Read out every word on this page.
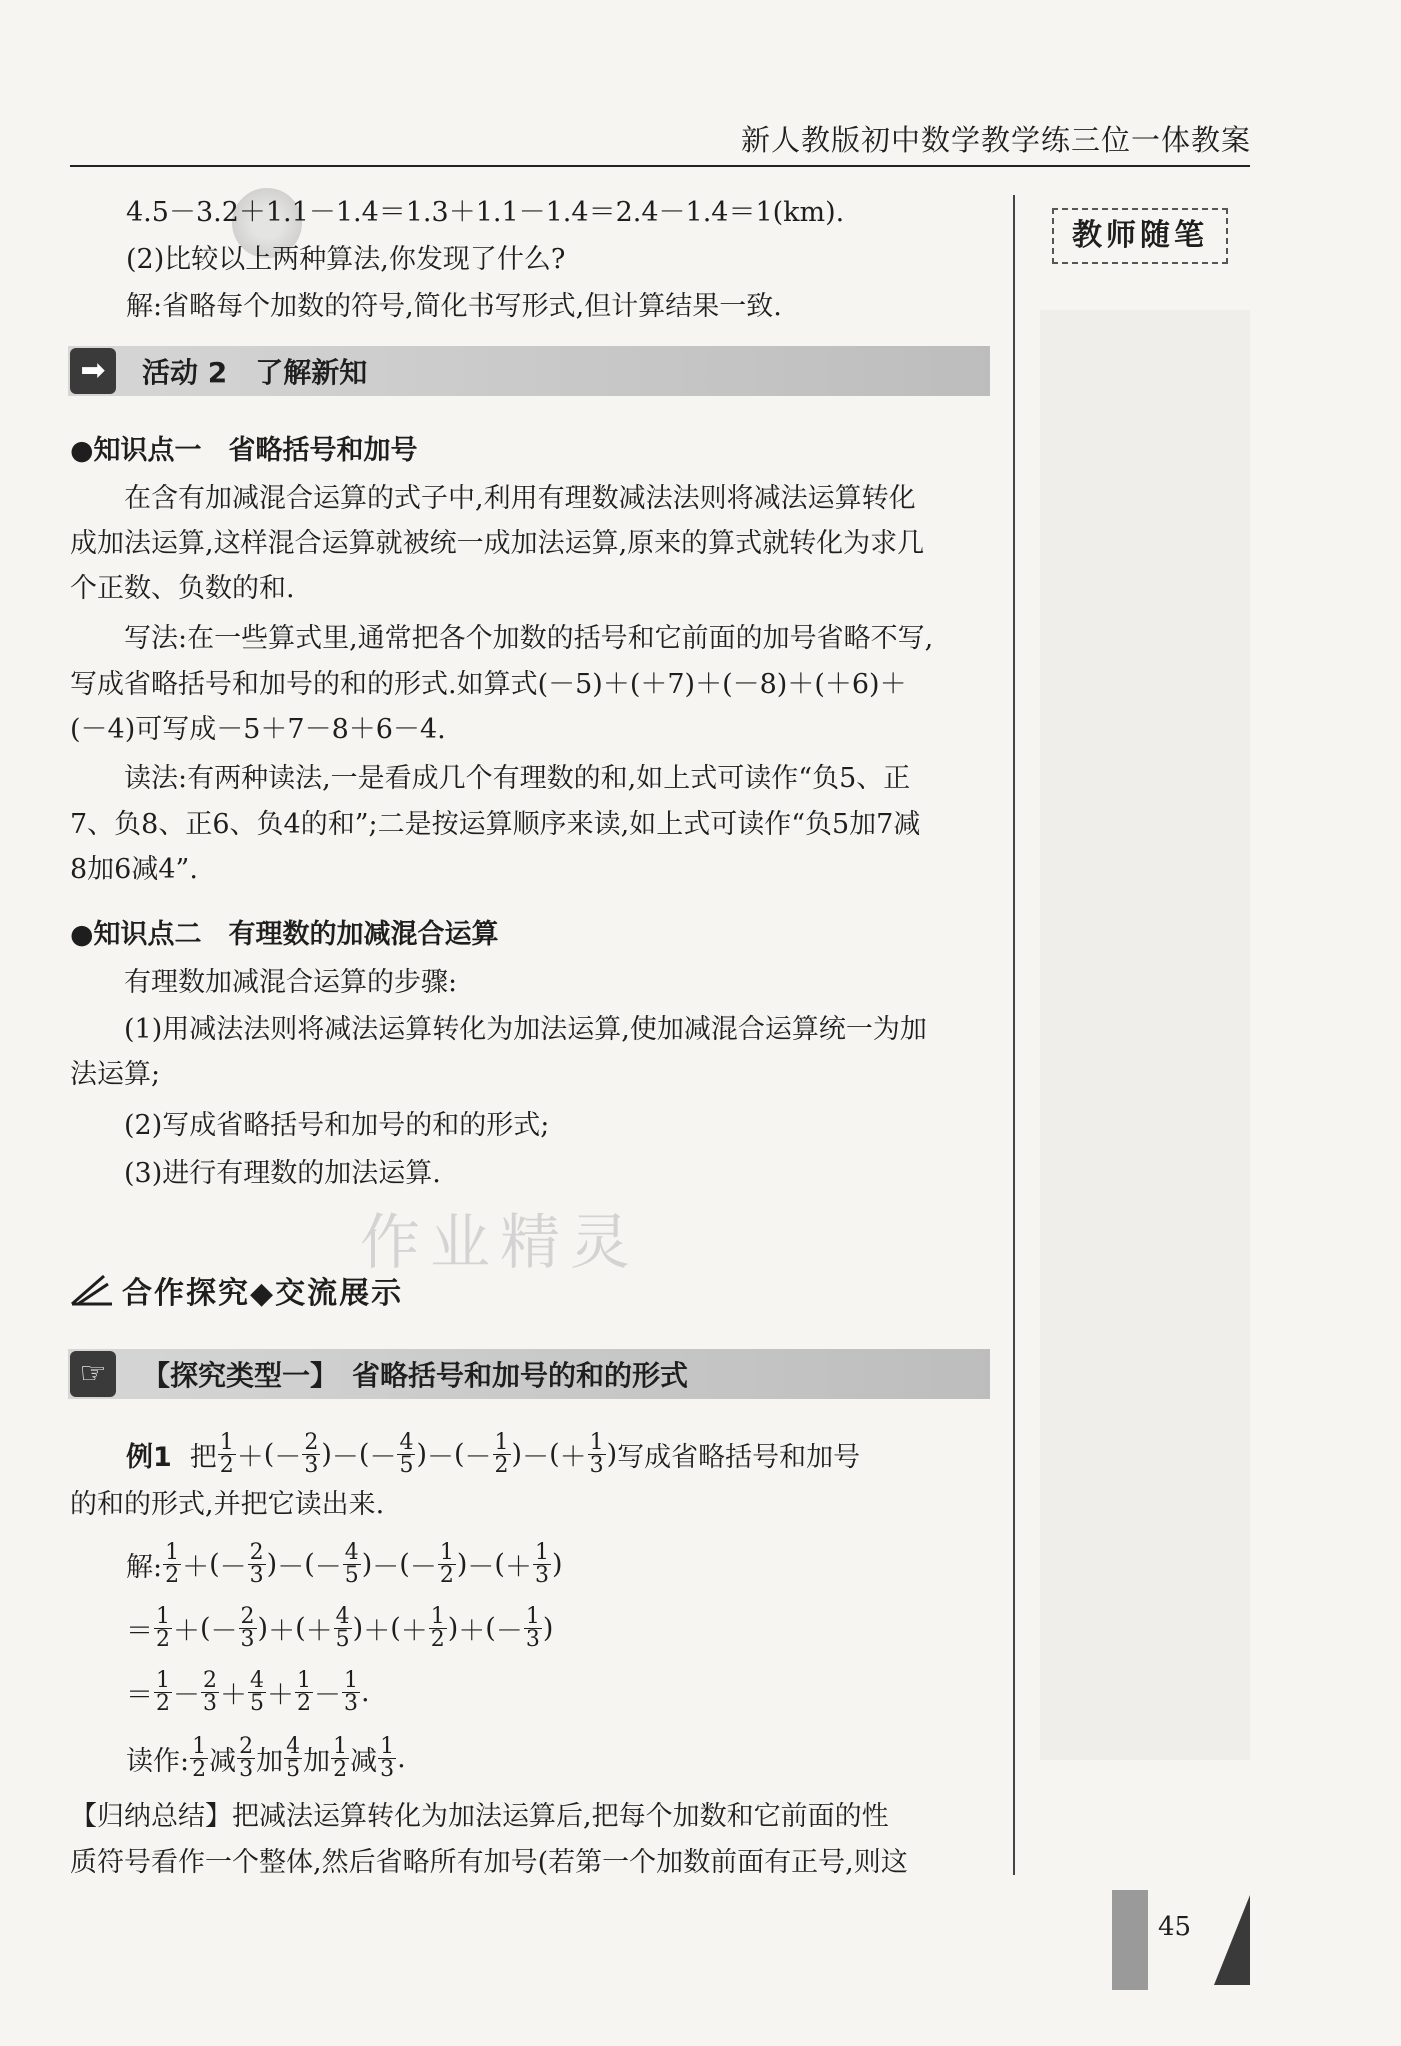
新人教版初中数学教学练三位一体教案
教师随笔
4.5－3.2＋1.1－1.4＝1.3＋1.1－1.4＝2.4－1.4＝1(km).
(2)比较以上两种算法,你发现了什么?
解:省略每个加数的符号,简化书写形式,但计算结果一致.
➡	活动 2　了解新知
●知识点一　省略括号和加号
　　在含有加减混合运算的式子中,利用有理数减法法则将减法运算转化
成加法运算,这样混合运算就被统一成加法运算,原来的算式就转化为求几
个正数、负数的和.
　　写法:在一些算式里,通常把各个加数的括号和它前面的加号省略不写,
写成省略括号和加号的和的形式.如算式(－5)＋(＋7)＋(－8)＋(＋6)＋
(－4)可写成－5＋7－8＋6－4.
　　读法:有两种读法,一是看成几个有理数的和,如上式可读作“负5、正
7、负8、正6、负4的和”;二是按运算顺序来读,如上式可读作“负5加7减
8加6减4”.
●知识点二　有理数的加减混合运算
　　有理数加减混合运算的步骤:
　　(1)用减法法则将减法运算转化为加法运算,使加减混合运算统一为加
法运算;
　　(2)写成省略括号和加号的和的形式;
　　(3)进行有理数的加法运算.
作业精灵
合作探究◆交流展示
☞	【探究类型一】　省略括号和加号的和的形式
例1 把 $\frac{1}{2}$ ＋ ( － $\frac{2}{3}$ ) － ( － $\frac{4}{5}$ ) － ( － $\frac{1}{2}$ ) － ( ＋ $\frac{1}{3}$ ) 写成省略括号和加号
的和的形式,并把它读出来.
解: $\frac{1}{2}$ ＋ ( － $\frac{2}{3}$ ) － ( － $\frac{4}{5}$ ) － ( － $\frac{1}{2}$ ) － ( ＋ $\frac{1}{3}$ )
＝ $\frac{1}{2}$ ＋ ( － $\frac{2}{3}$ ) ＋ ( ＋ $\frac{4}{5}$ ) ＋ ( ＋ $\frac{1}{2}$ ) ＋ ( － $\frac{1}{3}$ )
＝ $\frac{1}{2} - \frac{2}{3} + \frac{4}{5} + \frac{1}{2} - \frac{1}{3}$ .
读作: $\frac{1}{2}$ 减 $\frac{2}{3}$ 加 $\frac{4}{5}$ 加 $\frac{1}{2}$ 减 $\frac{1}{3}$ .
【归纳总结】把减法运算转化为加法运算后,把每个加数和它前面的性
质符号看作一个整体,然后省略所有加号(若第一个加数前面有正号,则这
45
